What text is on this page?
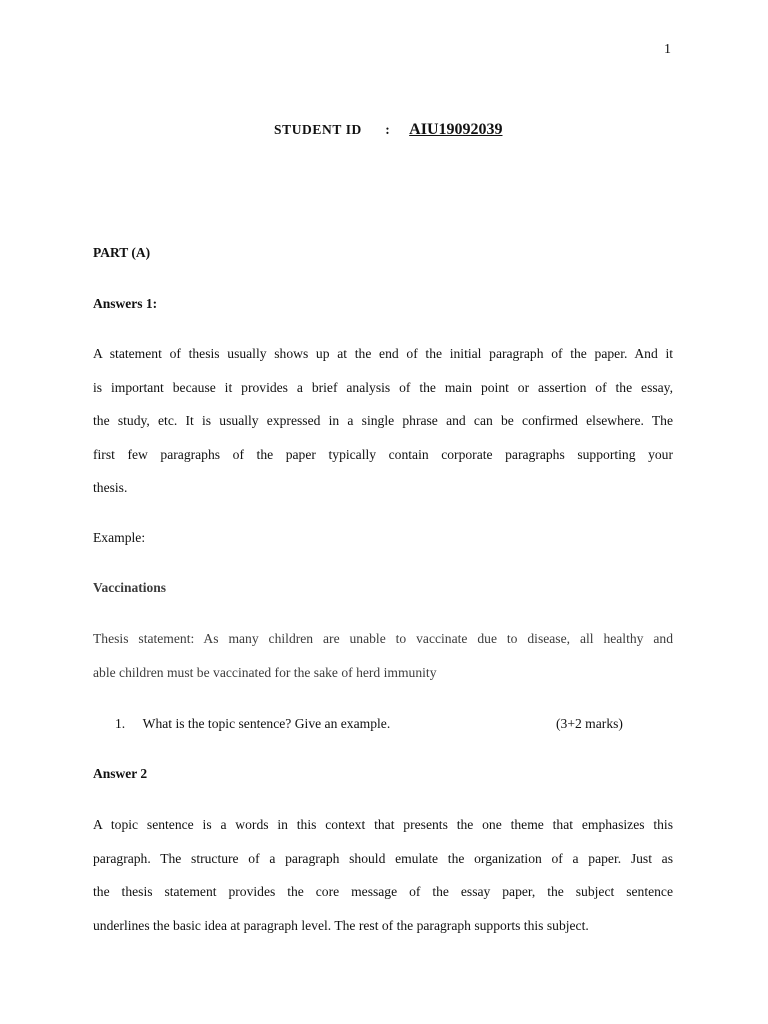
1
STUDENT ID : AIU19092039
PART (A)
Answers 1:
A statement of thesis usually shows up at the end of the initial paragraph of the paper. And it
is important because it provides a brief analysis of the main point or assertion of the essay,
the study, etc. It is usually expressed in a single phrase and can be confirmed elsewhere. The
first few paragraphs of the paper typically contain corporate paragraphs supporting your
thesis.
Example:
Vaccinations
Thesis statement: As many children are unable to vaccinate due to disease, all healthy and
able children must be vaccinated for the sake of herd immunity
1. What is the topic sentence? Give an example.	(3+2 marks)
Answer 2
A topic sentence is a words in this context that presents the one theme that emphasizes this
paragraph. The structure of a paragraph should emulate the organization of a paper. Just as
the thesis statement provides the core message of the essay paper, the subject sentence
underlines the basic idea at paragraph level. The rest of the paragraph supports this subject.
